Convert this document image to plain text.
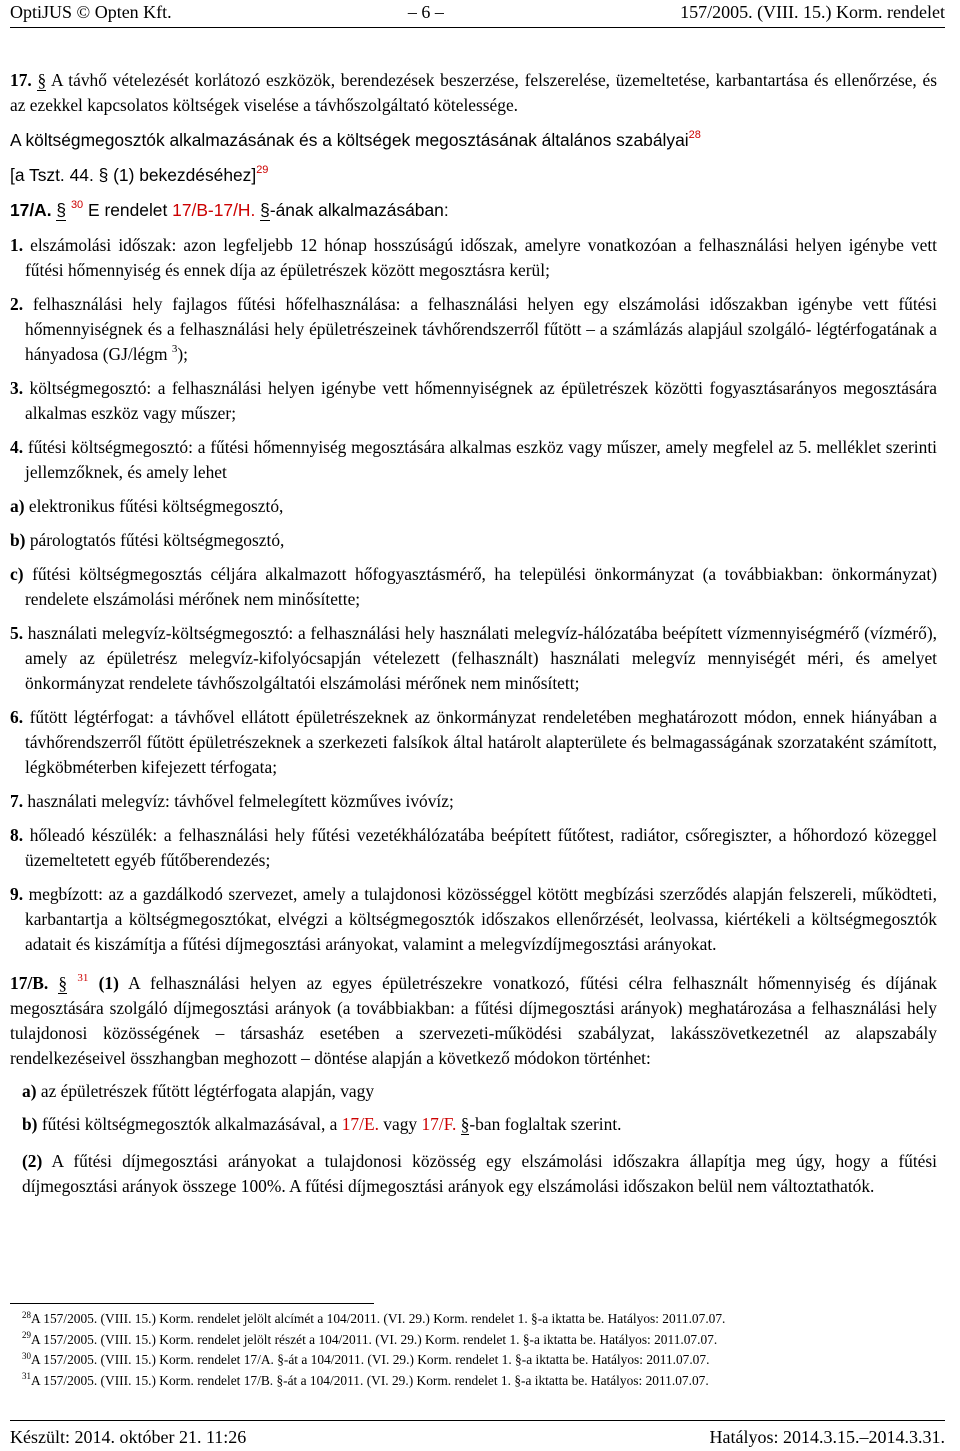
OptiJUS © Opten Kft.	– 6 –	157/2005. (VIII. 15.) Korm. rendelet
17. § A távhő vételezését korlátozó eszközök, berendezések beszerzése, felszerelése, üzemeltetése, karbantartása és ellenőrzése, és az ezekkel kapcsolatos költségek viselése a távhőszolgáltató kötelessége.
A költségmegosztók alkalmazásának és a költségek megosztásának általános szabályai$^{28}$
[a Tszt. 44. § (1) bekezdéséhez]$^{29}$
17/A. § $^{30}$ E rendelet 17/B-17/H. §-ának alkalmazásában:
1. elszámolási időszak: azon legfeljebb 12 hónap hosszúságú időszak, amelyre vonatkozóan a felhasználási helyen igénybe vett fűtési hőmennyiség és ennek díja az épületrészek között megosztásra kerül;
2. felhasználási hely fajlagos fűtési hőfelhasználása: a felhasználási helyen egy elszámolási időszakban igénybe vett fűtési hőmennyiségnek és a felhasználási hely épületrészeinek távhőrendszerről fűtött – a számlázás alapjául szolgáló- légtérfogatának a hányadosa (GJ/légm $^3$);
3. költségmegosztó: a felhasználási helyen igénybe vett hőmennyiségnek az épületrészek közötti fogyasztásarányos megosztására alkalmas eszköz vagy műszer;
4. fűtési költségmegosztó: a fűtési hőmennyiség megosztására alkalmas eszköz vagy műszer, amely megfelel az 5. melléklet szerinti jellemzőknek, és amely lehet
a) elektronikus fűtési költségmegosztó,
b) párologtatós fűtési költségmegosztó,
c) fűtési költségmegosztás céljára alkalmazott hőfogyasztásmérő, ha települési önkormányzat (a továbbiakban: önkormányzat) rendelete elszámolási mérőnek nem minősítette;
5. használati melegvíz-költségmegosztó: a felhasználási hely használati melegvíz-hálózatába beépített vízmennyiségmérő (vízmérő), amely az épületrész melegvíz-kifolyócsapján vételezett (felhasznált) használati melegvíz mennyiségét méri, és amelyet önkormányzat rendelete távhőszolgáltatói elszámolási mérőnek nem minősített;
6. fűtött légtérfogat: a távhővel ellátott épületrészeknek az önkormányzat rendeletében meghatározott módon, ennek hiányában a távhőrendszerről fűtött épületrészeknek a szerkezeti falsíkok által határolt alapterülete és belmagasságának szorzataként számított, légköbméterben kifejezett térfogata;
7. használati melegvíz: távhővel felmelegített közműves ivóvíz;
8. hőleadó készülék: a felhasználási hely fűtési vezetékhálózatába beépített fűtőtest, radiátor, csőregiszter, a hőhordozó közeggel üzemeltetett egyéb fűtőberendezés;
9. megbízott: az a gazdálkodó szervezet, amely a tulajdonosi közösséggel kötött megbízási szerződés alapján felszereli, működteti, karbantartja a költségmegosztókat, elvégzi a költségmegosztók időszakos ellenőrzését, leolvassa, kiértékeli a költségmegosztók adatait és kiszámítja a fűtési díjmegosztási arányokat, valamint a melegvízdíjmegosztási arányokat.
17/B. § $^{31}$ (1) A felhasználási helyen az egyes épületrészekre vonatkozó, fűtési célra felhasznált hőmennyiség és díjának megosztására szolgáló díjmegosztási arányok (a továbbiakban: a fűtési díjmegosztási arányok) meghatározása a felhasználási hely tulajdonosi közösségének – társasház esetében a szervezeti-működési szabályzat, lakásszövetkezetnél az alapszabály rendelkezéseivel összhangban meghozott – döntése alapján a következő módokon történhet:
a) az épületrészek fűtött légtérfogata alapján, vagy
b) fűtési költségmegosztók alkalmazásával, a 17/E. vagy 17/F. §-ban foglaltak szerint.
(2) A fűtési díjmegosztási arányokat a tulajdonosi közösség egy elszámolási időszakra állapítja meg úgy, hogy a fűtési díjmegosztási arányok összege 100%. A fűtési díjmegosztási arányok egy elszámolási időszakon belül nem változtathatók.
$^{28}$A 157/2005. (VIII. 15.) Korm. rendelet jelölt alcímét a 104/2011. (VI. 29.) Korm. rendelet 1. §-a iktatta be. Hatályos: 2011.07.07.
$^{29}$A 157/2005. (VIII. 15.) Korm. rendelet jelölt részét a 104/2011. (VI. 29.) Korm. rendelet 1. §-a iktatta be. Hatályos: 2011.07.07.
$^{30}$A 157/2005. (VIII. 15.) Korm. rendelet 17/A. §-át a 104/2011. (VI. 29.) Korm. rendelet 1. §-a iktatta be. Hatályos: 2011.07.07.
$^{31}$A 157/2005. (VIII. 15.) Korm. rendelet 17/B. §-át a 104/2011. (VI. 29.) Korm. rendelet 1. §-a iktatta be. Hatályos: 2011.07.07.
Készült: 2014. október 21. 11:26	Hatályos: 2014.3.15.–2014.3.31.
